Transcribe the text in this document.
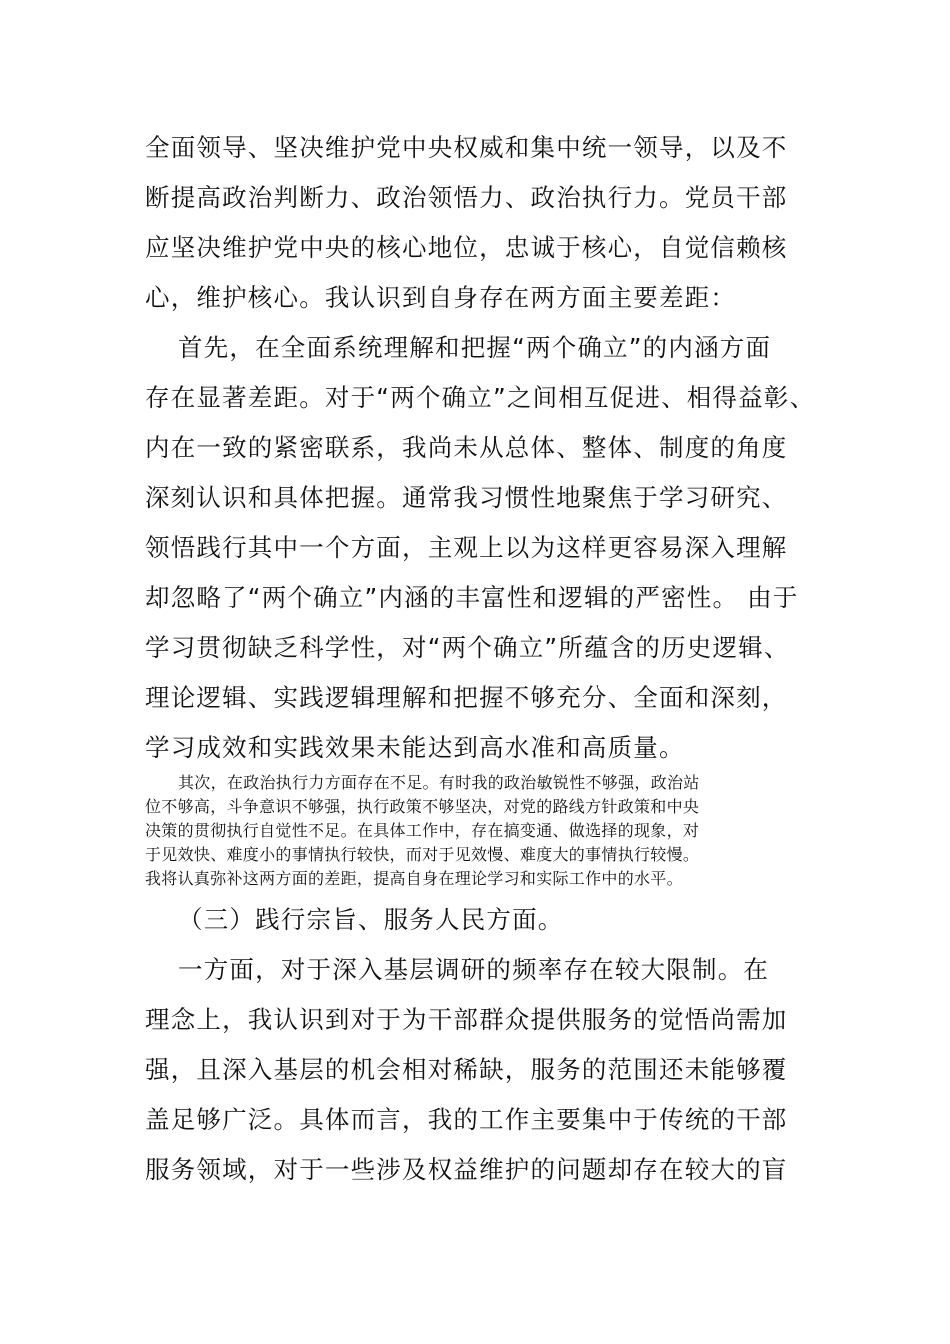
全面领导、坚决维护党中央权威和集中统一领导，以及不
断提高政治判断力、政治领悟力、政治执行力。党员干部
应坚决维护党中央的核心地位，忠诚于核心，自觉信赖核
心，维护核心。我认识到自身存在两方面主要差距：
首先，在全面系统理解和把握“两个确立”的内涵方面
存在显著差距。对于“两个确立”之间相互促进、相得益彰、
内在一致的紧密联系，我尚未从总体、整体、制度的角度
深刻认识和具体把握。通常我习惯性地聚焦于学习研究、
领悟践行其中一个方面，主观上以为这样更容易深入理解
却忽略了“两个确立”内涵的丰富性和逻辑的严密性。 由于
学习贯彻缺乏科学性，对“两个确立”所蕴含的历史逻辑、
理论逻辑、实践逻辑理解和把握不够充分、全面和深刻，
学习成效和实践效果未能达到高水准和高质量。
其次，在政治执行力方面存在不足。有时我的政治敏锐性不够强，政治站
位不够高，斗争意识不够强，执行政策不够坚决，对党的路线方针政策和中央
决策的贯彻执行自觉性不足。在具体工作中，存在搞变通、做选择的现象，对
于见效快、难度小的事情执行较快，而对于见效慢、难度大的事情执行较慢。
我将认真弥补这两方面的差距，提高自身在理论学习和实际工作中的水平。
（三）践行宗旨、服务人民方面。
一方面，对于深入基层调研的频率存在较大限制。在
理念上，我认识到对于为干部群众提供服务的觉悟尚需加
强，且深入基层的机会相对稀缺，服务的范围还未能够覆
盖足够广泛。具体而言，我的工作主要集中于传统的干部
服务领域，对于一些涉及权益维护的问题却存在较大的盲
